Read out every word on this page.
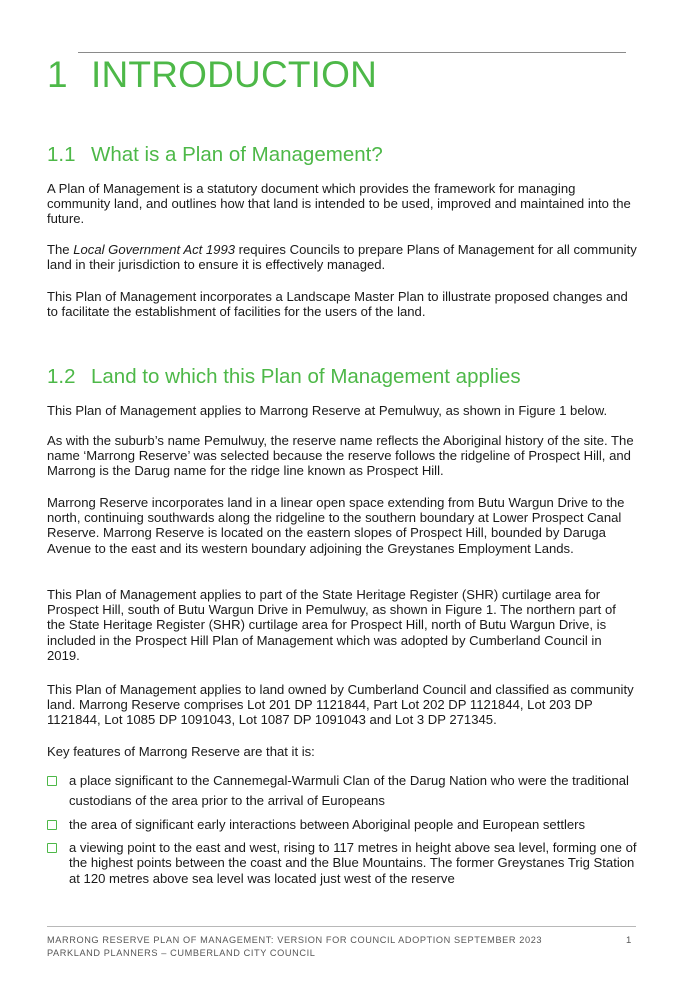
1 INTRODUCTION
1.1 What is a Plan of Management?
A Plan of Management is a statutory document which provides the framework for managing community land, and outlines how that land is intended to be used, improved and maintained into the future.
The Local Government Act 1993 requires Councils to prepare Plans of Management for all community land in their jurisdiction to ensure it is effectively managed.
This Plan of Management incorporates a Landscape Master Plan to illustrate proposed changes and to facilitate the establishment of facilities for the users of the land.
1.2 Land to which this Plan of Management applies
This Plan of Management applies to Marrong Reserve at Pemulwuy, as shown in Figure 1 below.
As with the suburb’s name Pemulwuy, the reserve name reflects the Aboriginal history of the site. The name ‘Marrong Reserve’ was selected because the reserve follows the ridgeline of Prospect Hill, and Marrong is the Darug name for the ridge line known as Prospect Hill.
Marrong Reserve incorporates land in a linear open space extending from Butu Wargun Drive to the north, continuing southwards along the ridgeline to the southern boundary at Lower Prospect Canal Reserve. Marrong Reserve is located on the eastern slopes of Prospect Hill, bounded by Daruga Avenue to the east and its western boundary adjoining the Greystanes Employment Lands.
This Plan of Management applies to part of the State Heritage Register (SHR) curtilage area for Prospect Hill, south of Butu Wargun Drive in Pemulwuy, as shown in Figure 1. The northern part of the State Heritage Register (SHR) curtilage area for Prospect Hill, north of Butu Wargun Drive, is included in the Prospect Hill Plan of Management which was adopted by Cumberland Council in 2019.
This Plan of Management applies to land owned by Cumberland Council and classified as community land. Marrong Reserve comprises Lot 201 DP 1121844, Part Lot 202 DP 1121844, Lot 203 DP 1121844, Lot 1085 DP 1091043, Lot 1087 DP 1091043 and Lot 3 DP 271345.
Key features of Marrong Reserve are that it is:
a place significant to the Cannemegal-Warmuli Clan of the Darug Nation who were the traditional custodians of the area prior to the arrival of Europeans
the area of significant early interactions between Aboriginal people and European settlers
a viewing point to the east and west, rising to 117 metres in height above sea level, forming one of the highest points between the coast and the Blue Mountains. The former Greystanes Trig Station at 120 metres above sea level was located just west of the reserve
MARRONG RESERVE PLAN OF MANAGEMENT: VERSION FOR COUNCIL ADOPTION SEPTEMBER 2023
PARKLAND PLANNERS – CUMBERLAND CITY COUNCIL
1
